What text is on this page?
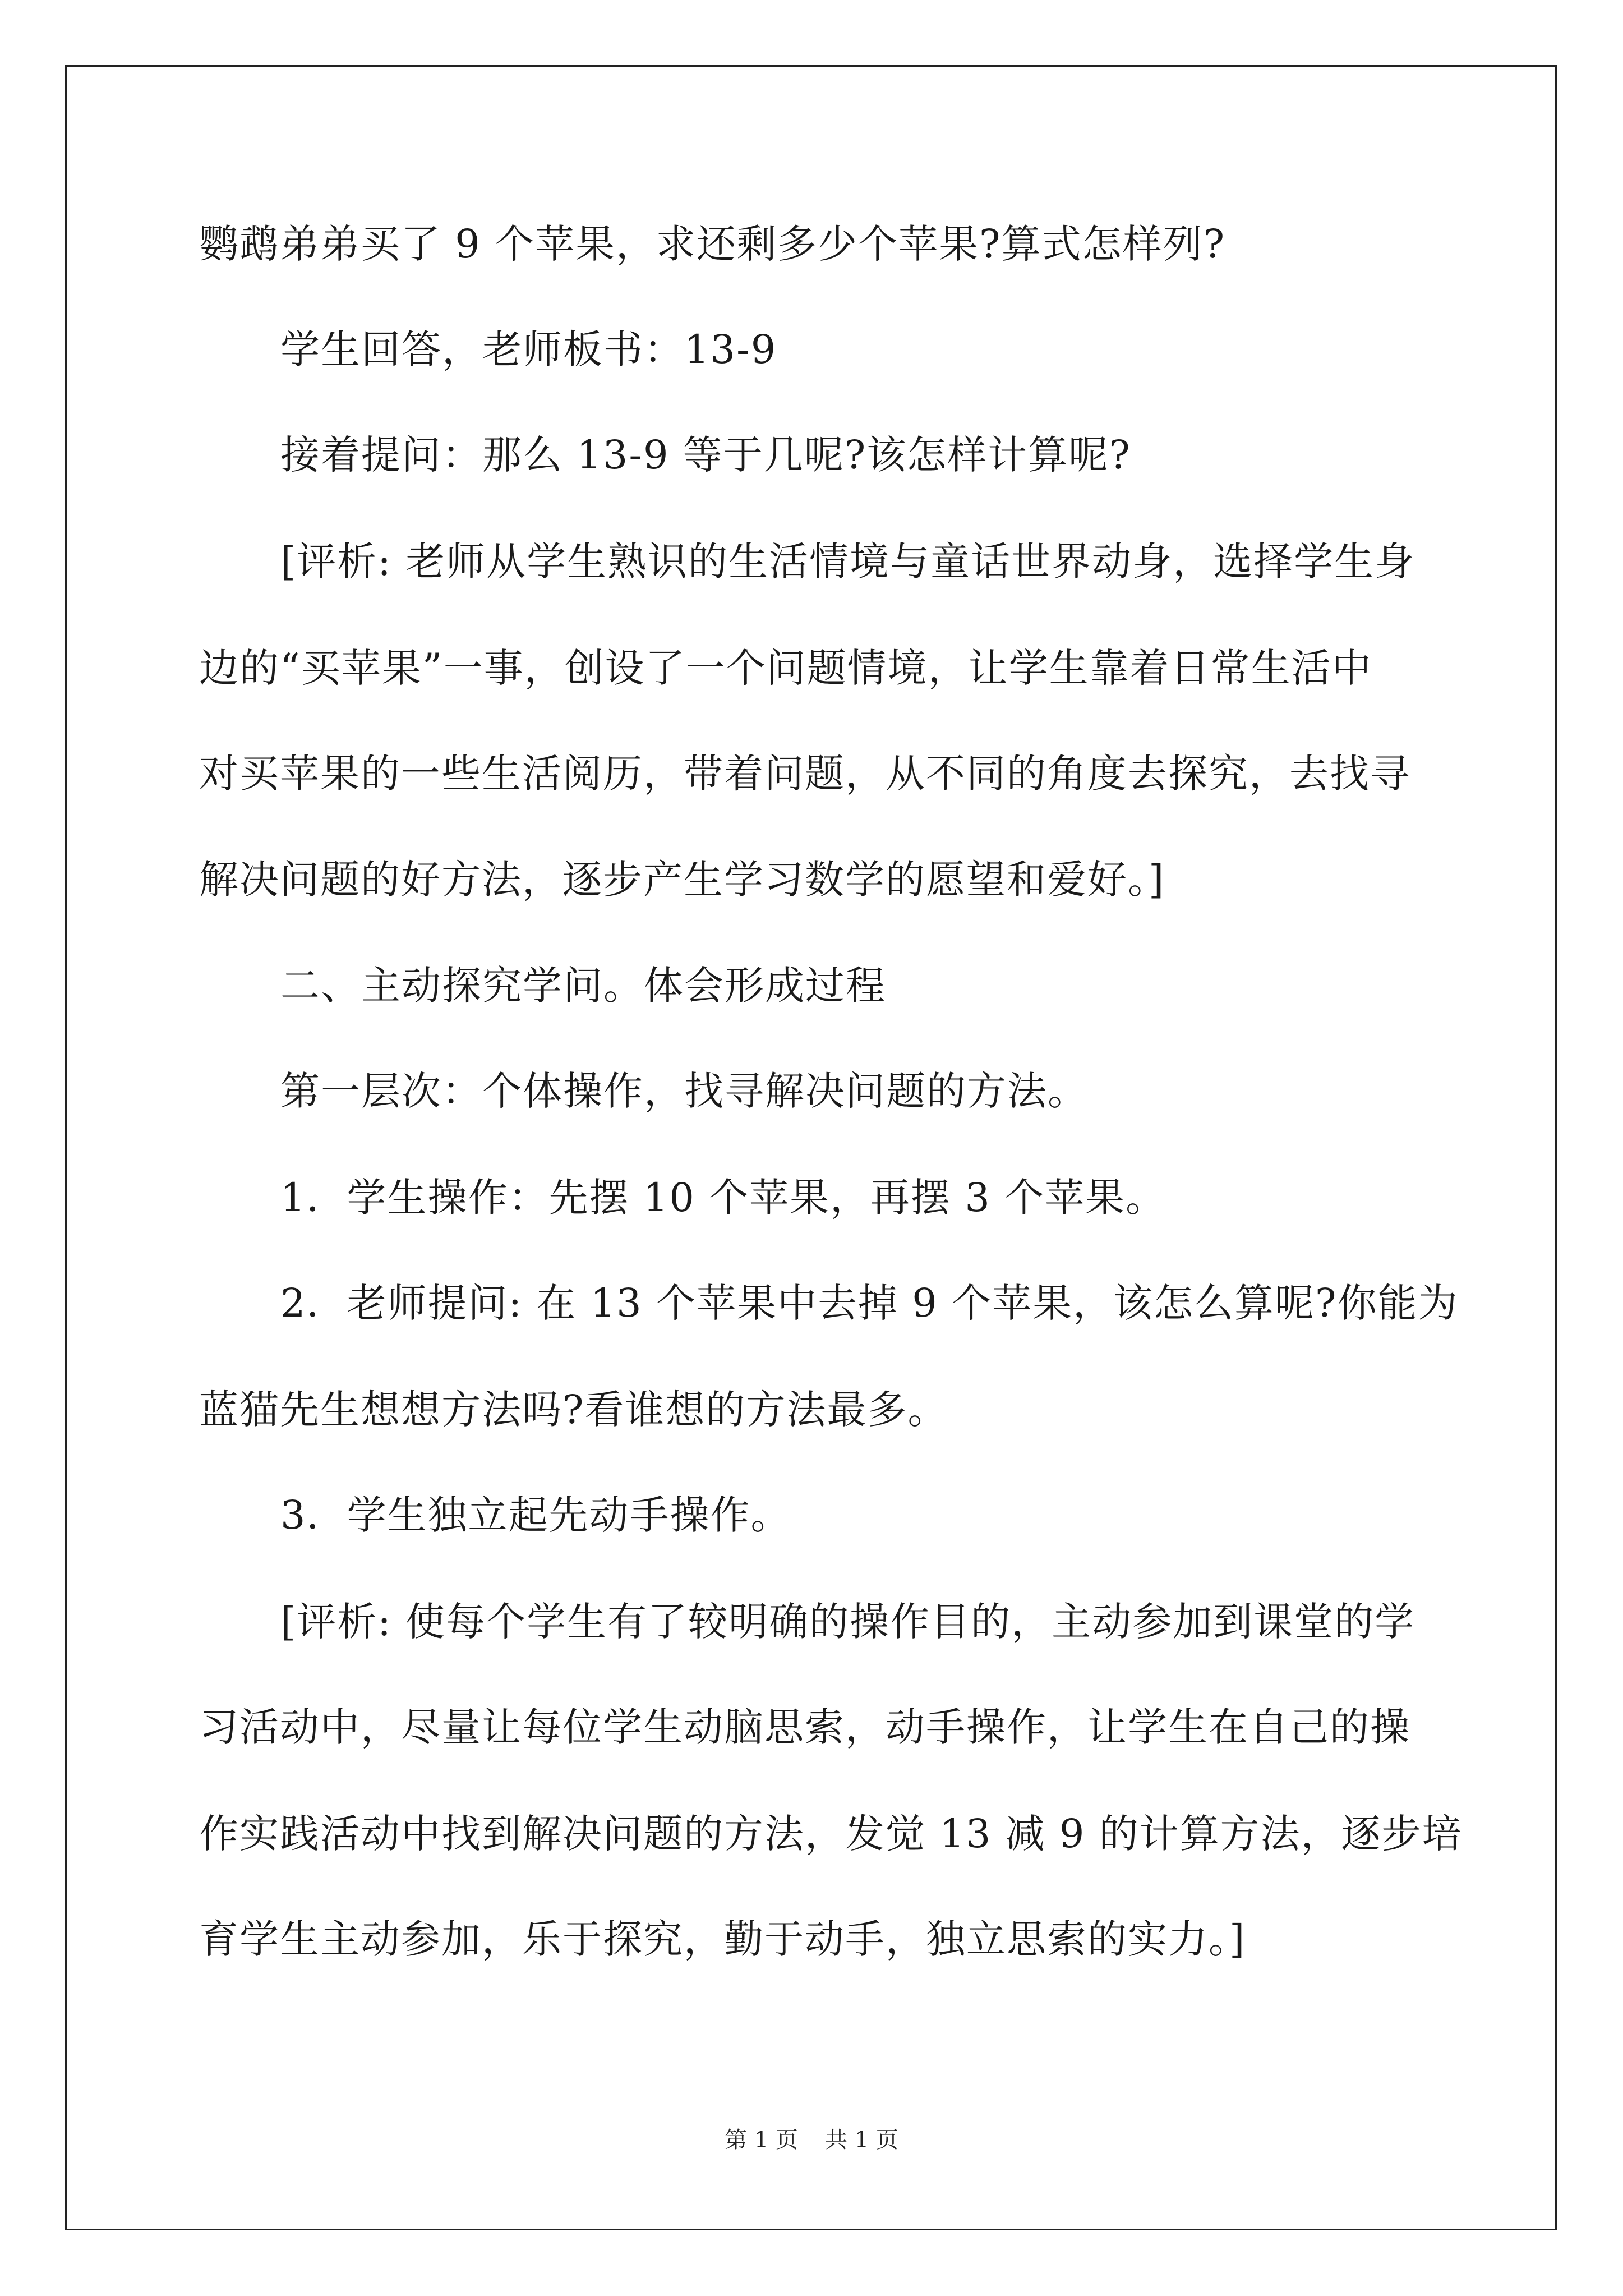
鹦鹉弟弟买了 9 个苹果，求还剩多少个苹果?算式怎样列?
学生回答，老师板书：13-9
接着提问：那么 13-9 等于几呢?该怎样计算呢?
[评析: 老师从学生熟识的生活情境与童话世界动身，选择学生身
边的“买苹果”一事，创设了一个问题情境，让学生靠着日常生活中
对买苹果的一些生活阅历，带着问题，从不同的角度去探究，去找寻
解决问题的好方法，逐步产生学习数学的愿望和爱好。]
二、主动探究学问。体会形成过程
第一层次：个体操作，找寻解决问题的方法。
1．学生操作：先摆 10 个苹果，再摆 3 个苹果。
2．老师提问: 在 13 个苹果中去掉 9 个苹果，该怎么算呢?你能为
蓝猫先生想想方法吗?看谁想的方法最多。
3．学生独立起先动手操作。
[评析: 使每个学生有了较明确的操作目的，主动参加到课堂的学
习活动中，尽量让每位学生动脑思索，动手操作，让学生在自己的操
作实践活动中找到解决问题的方法，发觉 13 减 9 的计算方法，逐步培
育学生主动参加，乐于探究，勤于动手，独立思索的实力。]
第 1 页 共 1 页
